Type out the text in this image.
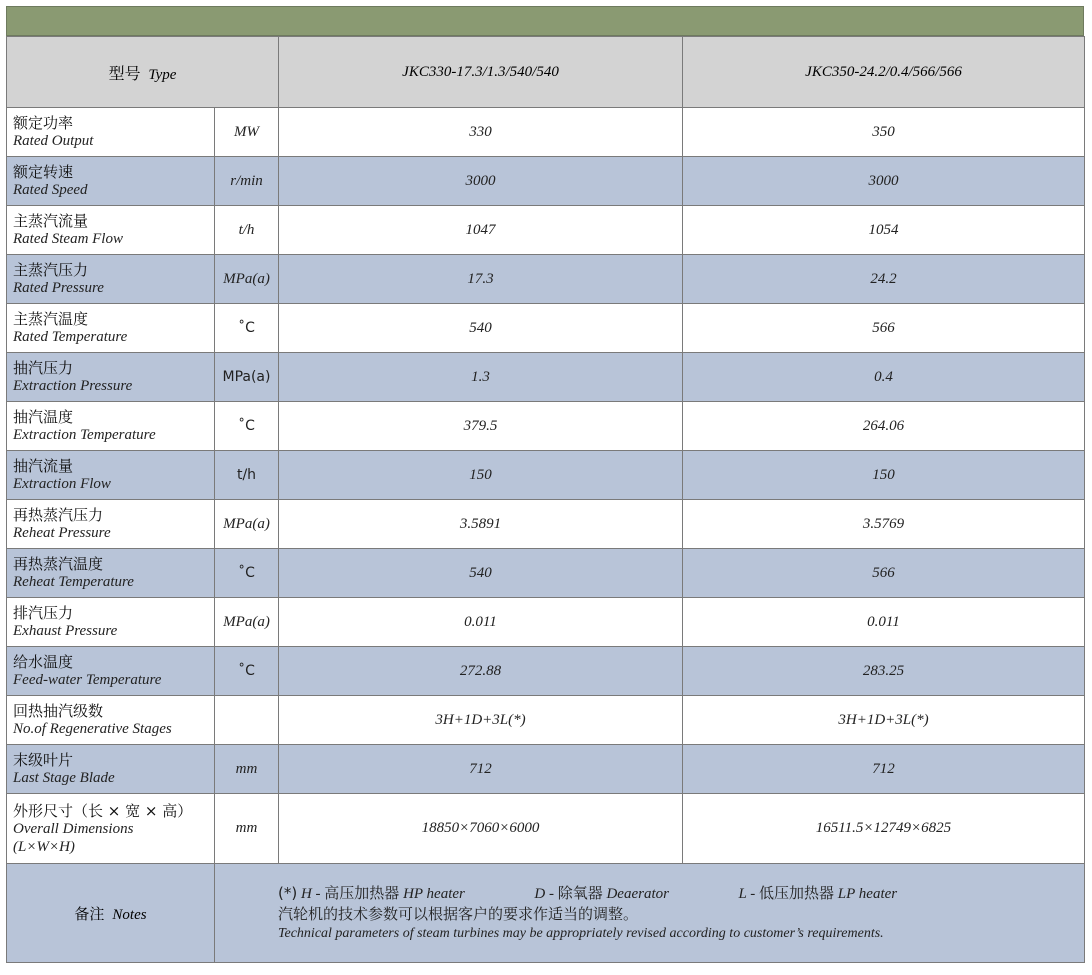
型号 Type		JKC330-17.3/1.3/540/540	JKC350-24.2/0.4/566/566

额定功率
Rated Output	MW	330	350

额定转速
Rated Speed	r/min	3000	3000

主蒸汽流量
Rated Steam Flow	t/h	1047	1054

主蒸汽压力
Rated Pressure	MPa(a)	17.3	24.2

主蒸汽温度
Rated Temperature	˚C	540	566

抽汽压力
Extraction Pressure	MPa(a)	1.3	0.4

抽汽温度
Extraction Temperature	˚C	379.5	264.06

抽汽流量
Extraction Flow	t/h	150	150

再热蒸汽压力
Reheat Pressure	MPa(a)	3.5891	3.5769

再热蒸汽温度
Reheat Temperature	˚C	540	566

排汽压力
Exhaust Pressure	MPa(a)	0.011	0.011

给水温度
Feed-water Temperature	˚C	272.88	283.25

回热抽汽级数
No.of Regenerative Stages		3H+1D+3L(*)	3H+1D+3L(*)

末级叶片
Last Stage Blade	mm	712	712

外形尺寸（长 × 宽 × 高）
Overall Dimensions
(L×W×H)	mm	18850×7060×6000	16511.5×12749×6825
备注 Notes	(*) H - 高压加热器 HP heater D - 除氧器 Deaerator L - 低压加热器 LP heater
汽轮机的技术参数可以根据客户的要求作适当的调整。
Technical parameters of steam turbines may be appropriately revised according to customer’s requirements.		
